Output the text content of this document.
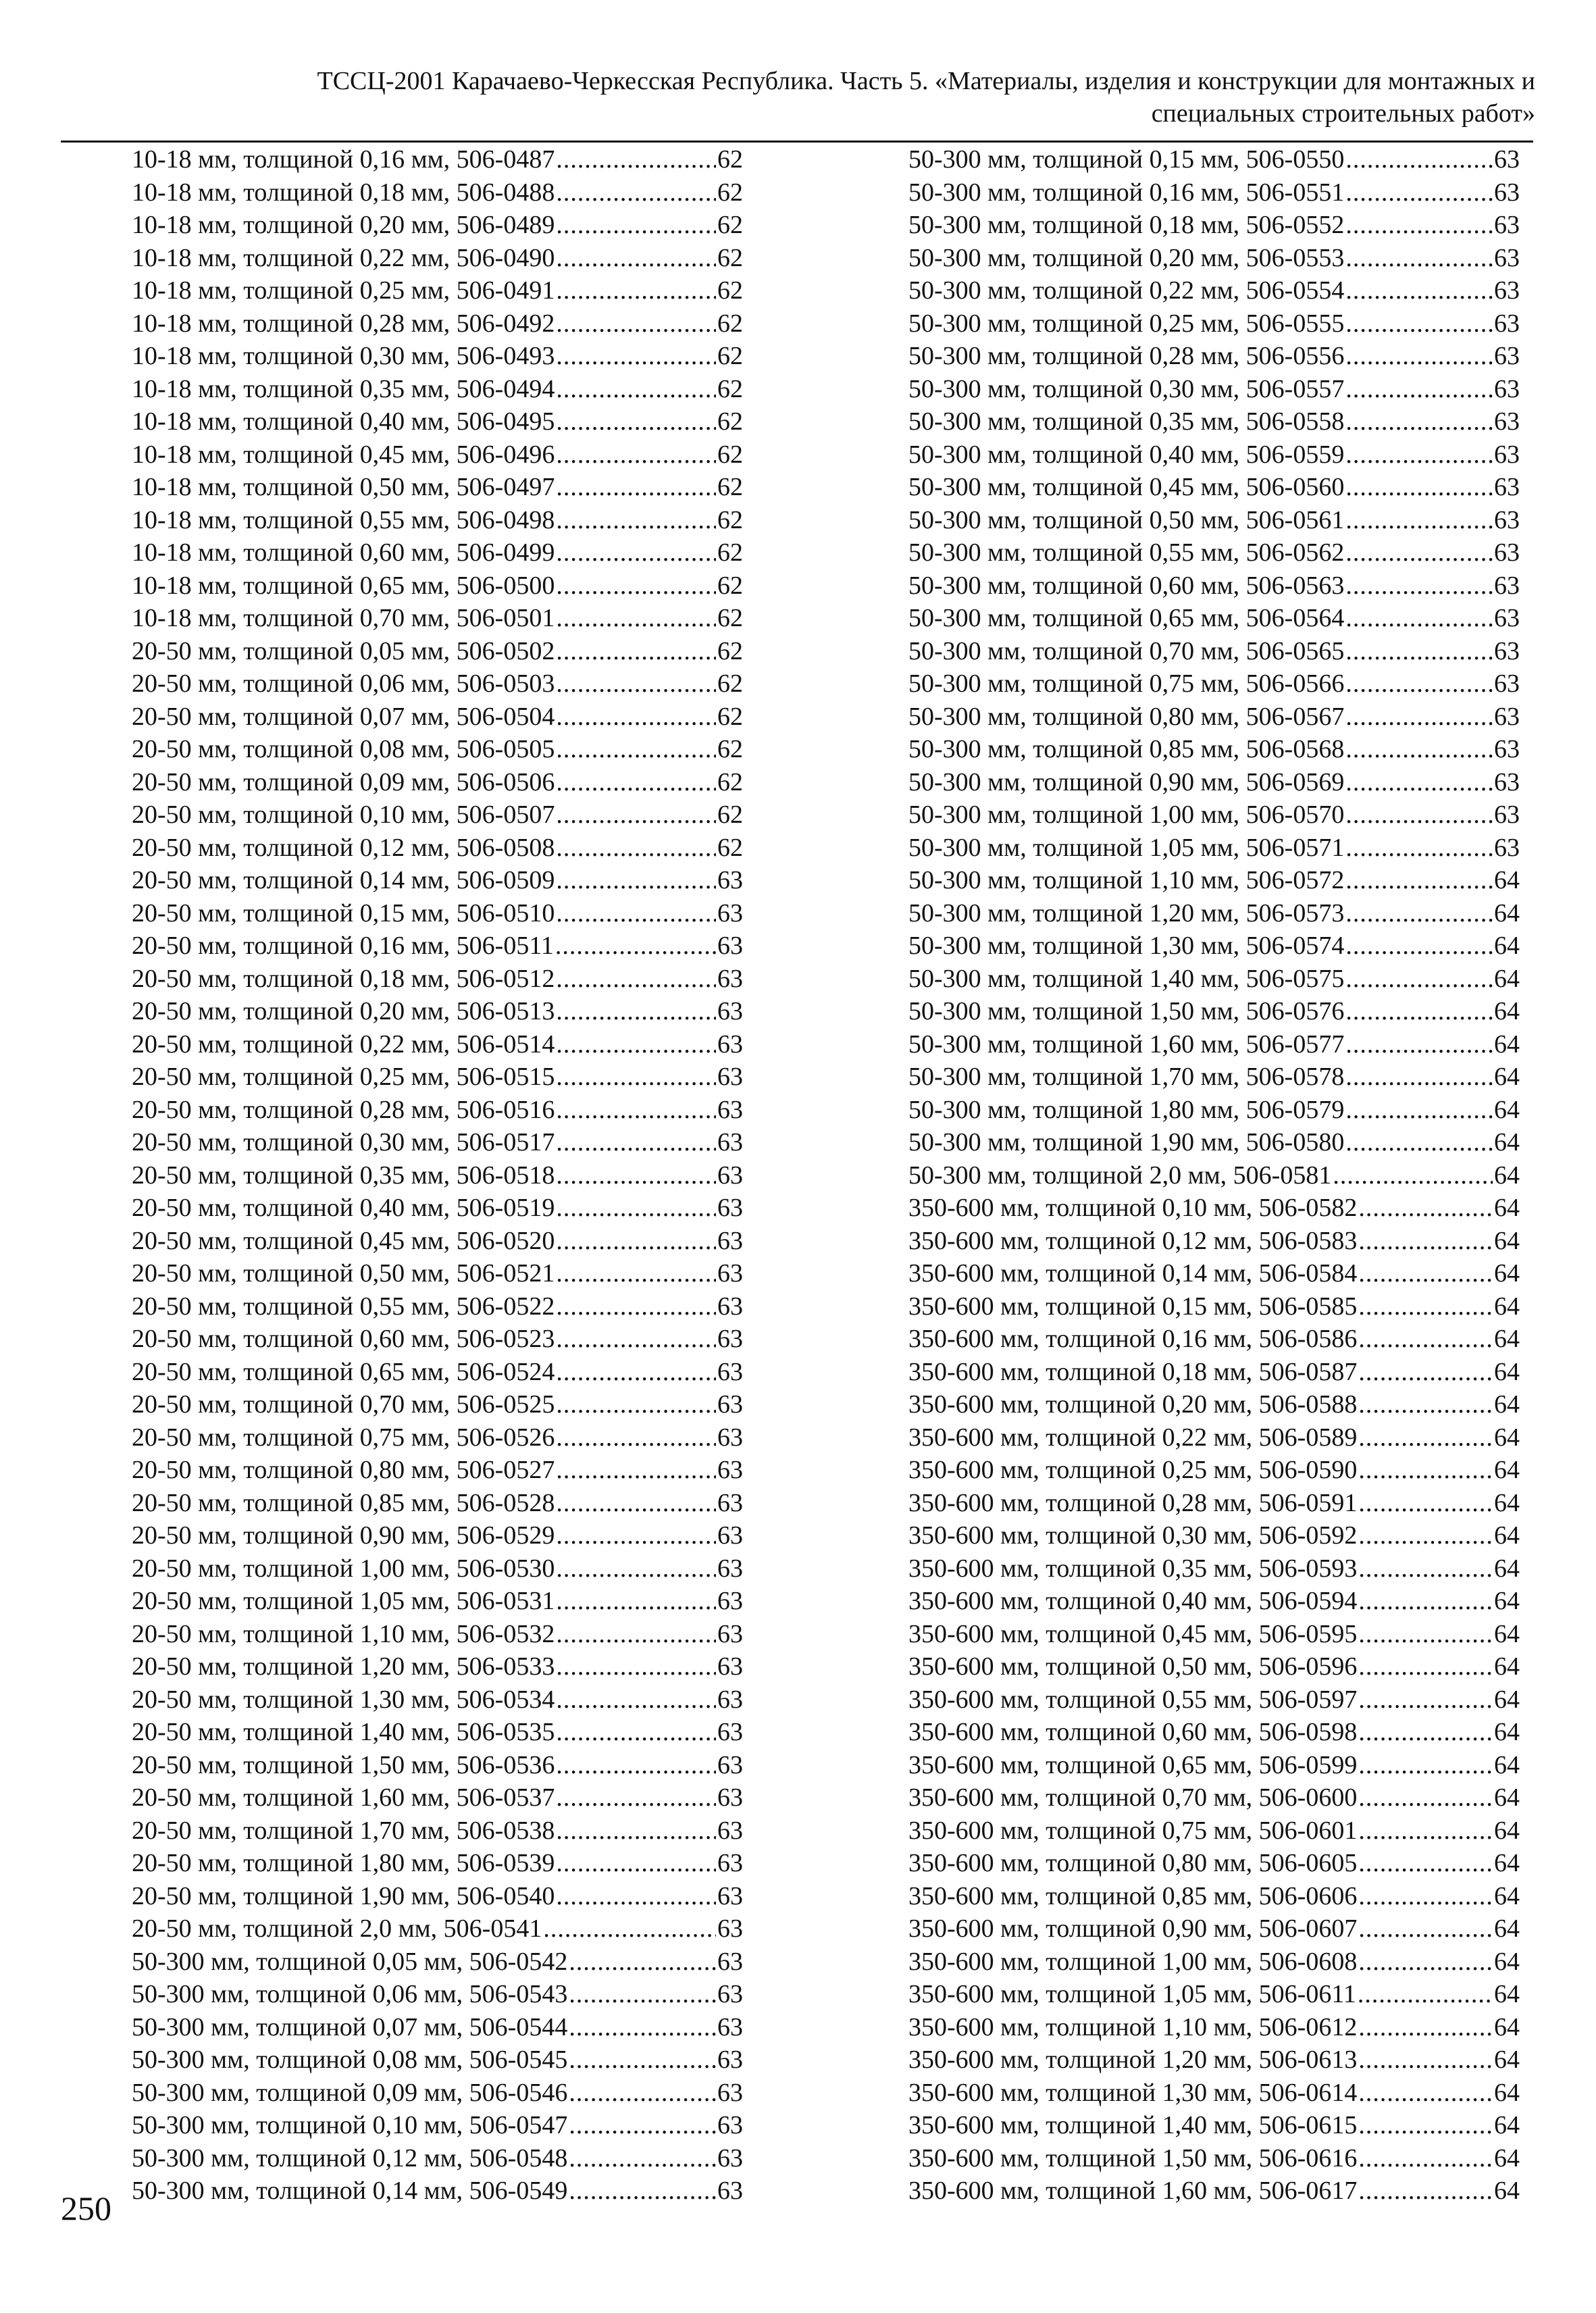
ТССЦ-2001 Карачаево-Черкесская Республика. Часть 5. «Материалы, изделия и конструкции для монтажных и
специальных строительных работ»
10-18 мм, толщиной 0,16 мм, 506-0487 .....	62
10-18 мм, толщиной 0,18 мм, 506-0488 .....	62
10-18 мм, толщиной 0,20 мм, 506-0489 .....	62
10-18 мм, толщиной 0,22 мм, 506-0490 .....	62
10-18 мм, толщиной 0,25 мм, 506-0491 .....	62
10-18 мм, толщиной 0,28 мм, 506-0492 .....	62
10-18 мм, толщиной 0,30 мм, 506-0493 .....	62
10-18 мм, толщиной 0,35 мм, 506-0494 .....	62
10-18 мм, толщиной 0,40 мм, 506-0495 .....	62
10-18 мм, толщиной 0,45 мм, 506-0496 .....	62
10-18 мм, толщиной 0,50 мм, 506-0497 .....	62
10-18 мм, толщиной 0,55 мм, 506-0498 .....	62
10-18 мм, толщиной 0,60 мм, 506-0499 .....	62
10-18 мм, толщиной 0,65 мм, 506-0500 .....	62
10-18 мм, толщиной 0,70 мм, 506-0501 .....	62
20-50 мм, толщиной 0,05 мм, 506-0502 .....	62
20-50 мм, толщиной 0,06 мм, 506-0503 .....	62
20-50 мм, толщиной 0,07 мм, 506-0504 .....	62
20-50 мм, толщиной 0,08 мм, 506-0505 .....	62
20-50 мм, толщиной 0,09 мм, 506-0506 .....	62
20-50 мм, толщиной 0,10 мм, 506-0507 .....	62
20-50 мм, толщиной 0,12 мм, 506-0508 .....	62
20-50 мм, толщиной 0,14 мм, 506-0509 .....	63
20-50 мм, толщиной 0,15 мм, 506-0510 .....	63
20-50 мм, толщиной 0,16 мм, 506-0511 .....	63
20-50 мм, толщиной 0,18 мм, 506-0512 .....	63
20-50 мм, толщиной 0,20 мм, 506-0513 .....	63
20-50 мм, толщиной 0,22 мм, 506-0514 .....	63
20-50 мм, толщиной 0,25 мм, 506-0515 .....	63
20-50 мм, толщиной 0,28 мм, 506-0516 .....	63
20-50 мм, толщиной 0,30 мм, 506-0517 .....	63
20-50 мм, толщиной 0,35 мм, 506-0518 .....	63
20-50 мм, толщиной 0,40 мм, 506-0519 .....	63
20-50 мм, толщиной 0,45 мм, 506-0520 .....	63
20-50 мм, толщиной 0,50 мм, 506-0521 .....	63
20-50 мм, толщиной 0,55 мм, 506-0522 .....	63
20-50 мм, толщиной 0,60 мм, 506-0523 .....	63
20-50 мм, толщиной 0,65 мм, 506-0524 .....	63
20-50 мм, толщиной 0,70 мм, 506-0525 .....	63
20-50 мм, толщиной 0,75 мм, 506-0526 .....	63
20-50 мм, толщиной 0,80 мм, 506-0527 .....	63
20-50 мм, толщиной 0,85 мм, 506-0528 .....	63
20-50 мм, толщиной 0,90 мм, 506-0529 .....	63
20-50 мм, толщиной 1,00 мм, 506-0530 .....	63
20-50 мм, толщиной 1,05 мм, 506-0531 .....	63
20-50 мм, толщиной 1,10 мм, 506-0532 .....	63
20-50 мм, толщиной 1,20 мм, 506-0533 .....	63
20-50 мм, толщиной 1,30 мм, 506-0534 .....	63
20-50 мм, толщиной 1,40 мм, 506-0535 .....	63
20-50 мм, толщиной 1,50 мм, 506-0536 .....	63
20-50 мм, толщиной 1,60 мм, 506-0537 .....	63
20-50 мм, толщиной 1,70 мм, 506-0538 .....	63
20-50 мм, толщиной 1,80 мм, 506-0539 .....	63
20-50 мм, толщиной 1,90 мм, 506-0540 .....	63
20-50 мм, толщиной 2,0 мм, 506-0541 .....	63
50-300 мм, толщиной 0,05 мм, 506-0542 .....	63
50-300 мм, толщиной 0,06 мм, 506-0543 .....	63
50-300 мм, толщиной 0,07 мм, 506-0544 .....	63
50-300 мм, толщиной 0,08 мм, 506-0545 .....	63
50-300 мм, толщиной 0,09 мм, 506-0546 .....	63
50-300 мм, толщиной 0,10 мм, 506-0547 .....	63
50-300 мм, толщиной 0,12 мм, 506-0548 .....	63
50-300 мм, толщиной 0,14 мм, 506-0549 .....	63
50-300 мм, толщиной 0,15 мм, 506-0550 .....	63
50-300 мм, толщиной 0,16 мм, 506-0551 .....	63
50-300 мм, толщиной 0,18 мм, 506-0552 .....	63
50-300 мм, толщиной 0,20 мм, 506-0553 .....	63
50-300 мм, толщиной 0,22 мм, 506-0554 .....	63
50-300 мм, толщиной 0,25 мм, 506-0555 .....	63
50-300 мм, толщиной 0,28 мм, 506-0556 .....	63
50-300 мм, толщиной 0,30 мм, 506-0557 .....	63
50-300 мм, толщиной 0,35 мм, 506-0558 .....	63
50-300 мм, толщиной 0,40 мм, 506-0559 .....	63
50-300 мм, толщиной 0,45 мм, 506-0560 .....	63
50-300 мм, толщиной 0,50 мм, 506-0561 .....	63
50-300 мм, толщиной 0,55 мм, 506-0562 .....	63
50-300 мм, толщиной 0,60 мм, 506-0563 .....	63
50-300 мм, толщиной 0,65 мм, 506-0564 .....	63
50-300 мм, толщиной 0,70 мм, 506-0565 .....	63
50-300 мм, толщиной 0,75 мм, 506-0566 .....	63
50-300 мм, толщиной 0,80 мм, 506-0567 .....	63
50-300 мм, толщиной 0,85 мм, 506-0568 .....	63
50-300 мм, толщиной 0,90 мм, 506-0569 .....	63
50-300 мм, толщиной 1,00 мм, 506-0570 .....	63
50-300 мм, толщиной 1,05 мм, 506-0571 .....	63
50-300 мм, толщиной 1,10 мм, 506-0572 .....	64
50-300 мм, толщиной 1,20 мм, 506-0573 .....	64
50-300 мм, толщиной 1,30 мм, 506-0574 .....	64
50-300 мм, толщиной 1,40 мм, 506-0575 .....	64
50-300 мм, толщиной 1,50 мм, 506-0576 .....	64
50-300 мм, толщиной 1,60 мм, 506-0577 .....	64
50-300 мм, толщиной 1,70 мм, 506-0578 .....	64
50-300 мм, толщиной 1,80 мм, 506-0579 .....	64
50-300 мм, толщиной 1,90 мм, 506-0580 .....	64
50-300 мм, толщиной 2,0 мм, 506-0581 .....	64
350-600 мм, толщиной 0,10 мм, 506-0582 .....	64
350-600 мм, толщиной 0,12 мм, 506-0583 .....	64
350-600 мм, толщиной 0,14 мм, 506-0584 .....	64
350-600 мм, толщиной 0,15 мм, 506-0585 .....	64
350-600 мм, толщиной 0,16 мм, 506-0586 .....	64
350-600 мм, толщиной 0,18 мм, 506-0587 .....	64
350-600 мм, толщиной 0,20 мм, 506-0588 .....	64
350-600 мм, толщиной 0,22 мм, 506-0589 .....	64
350-600 мм, толщиной 0,25 мм, 506-0590 .....	64
350-600 мм, толщиной 0,28 мм, 506-0591 .....	64
350-600 мм, толщиной 0,30 мм, 506-0592 .....	64
350-600 мм, толщиной 0,35 мм, 506-0593 .....	64
350-600 мм, толщиной 0,40 мм, 506-0594 .....	64
350-600 мм, толщиной 0,45 мм, 506-0595 .....	64
350-600 мм, толщиной 0,50 мм, 506-0596 .....	64
350-600 мм, толщиной 0,55 мм, 506-0597 .....	64
350-600 мм, толщиной 0,60 мм, 506-0598 .....	64
350-600 мм, толщиной 0,65 мм, 506-0599 .....	64
350-600 мм, толщиной 0,70 мм, 506-0600 .....	64
350-600 мм, толщиной 0,75 мм, 506-0601 .....	64
350-600 мм, толщиной 0,80 мм, 506-0605 .....	64
350-600 мм, толщиной 0,85 мм, 506-0606 .....	64
350-600 мм, толщиной 0,90 мм, 506-0607 .....	64
350-600 мм, толщиной 1,00 мм, 506-0608 .....	64
350-600 мм, толщиной 1,05 мм, 506-0611 .....	64
350-600 мм, толщиной 1,10 мм, 506-0612 .....	64
350-600 мм, толщиной 1,20 мм, 506-0613 .....	64
350-600 мм, толщиной 1,30 мм, 506-0614 .....	64
350-600 мм, толщиной 1,40 мм, 506-0615 .....	64
350-600 мм, толщиной 1,50 мм, 506-0616 .....	64
350-600 мм, толщиной 1,60 мм, 506-0617 .....	64
250
